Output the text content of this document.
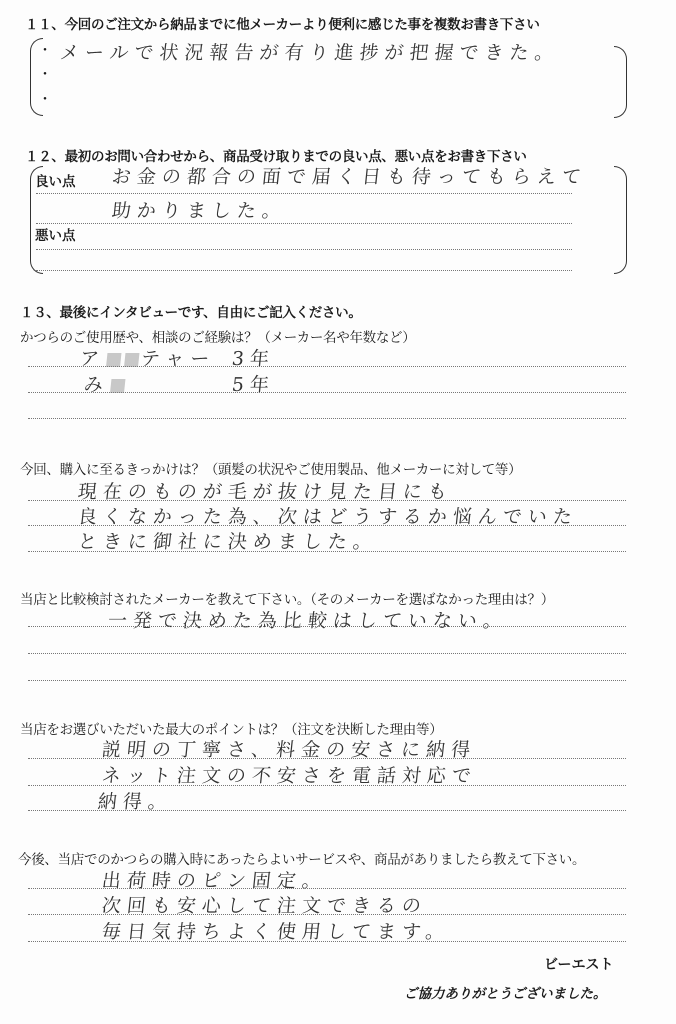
１１、今回のご注文から納品までに他メーカーより便利に感じた事を複数お書き下さい
・
・
・
メールで状況報告が有り進捗が把握できた。
１２、最初のお問い合わせから、商品受け取りまでの良い点、悪い点をお書き下さい
良い点 お金の都合の面で届く日も待ってもらえて
助かりました。
悪い点
１３、最後にインタビューです、自由にご記入ください。
かつらのご使用歴や、相談のご経験は？（メーカー名や年数など）
ア テャー 3年
み	5年
今回、購入に至るきっかけは？（頭髪の状況やご使用製品、他メーカーに対して等）
現在のものが毛が抜け見た目にも
良くなかった為、次はどうするか悩んでいた
ときに御社に決めました。
当店と比較検討されたメーカーを教えて下さい。（そのメーカーを選ばなかった理由は？）
一発で決めた為比較はしていない。
当店をお選びいただいた最大のポイントは？（注文を決断した理由等）
説明の丁寧さ、料金の安さに納得
ネット注文の不安さを電話対応で
納得。
今後、当店でのかつらの購入時にあったらよいサービスや、商品がありましたら教えて下さい。
出荷時のピン固定。
次回も安心して注文できるの
毎日気持ちよく使用してます。
ビーエスト
ご協力ありがとうございました。
